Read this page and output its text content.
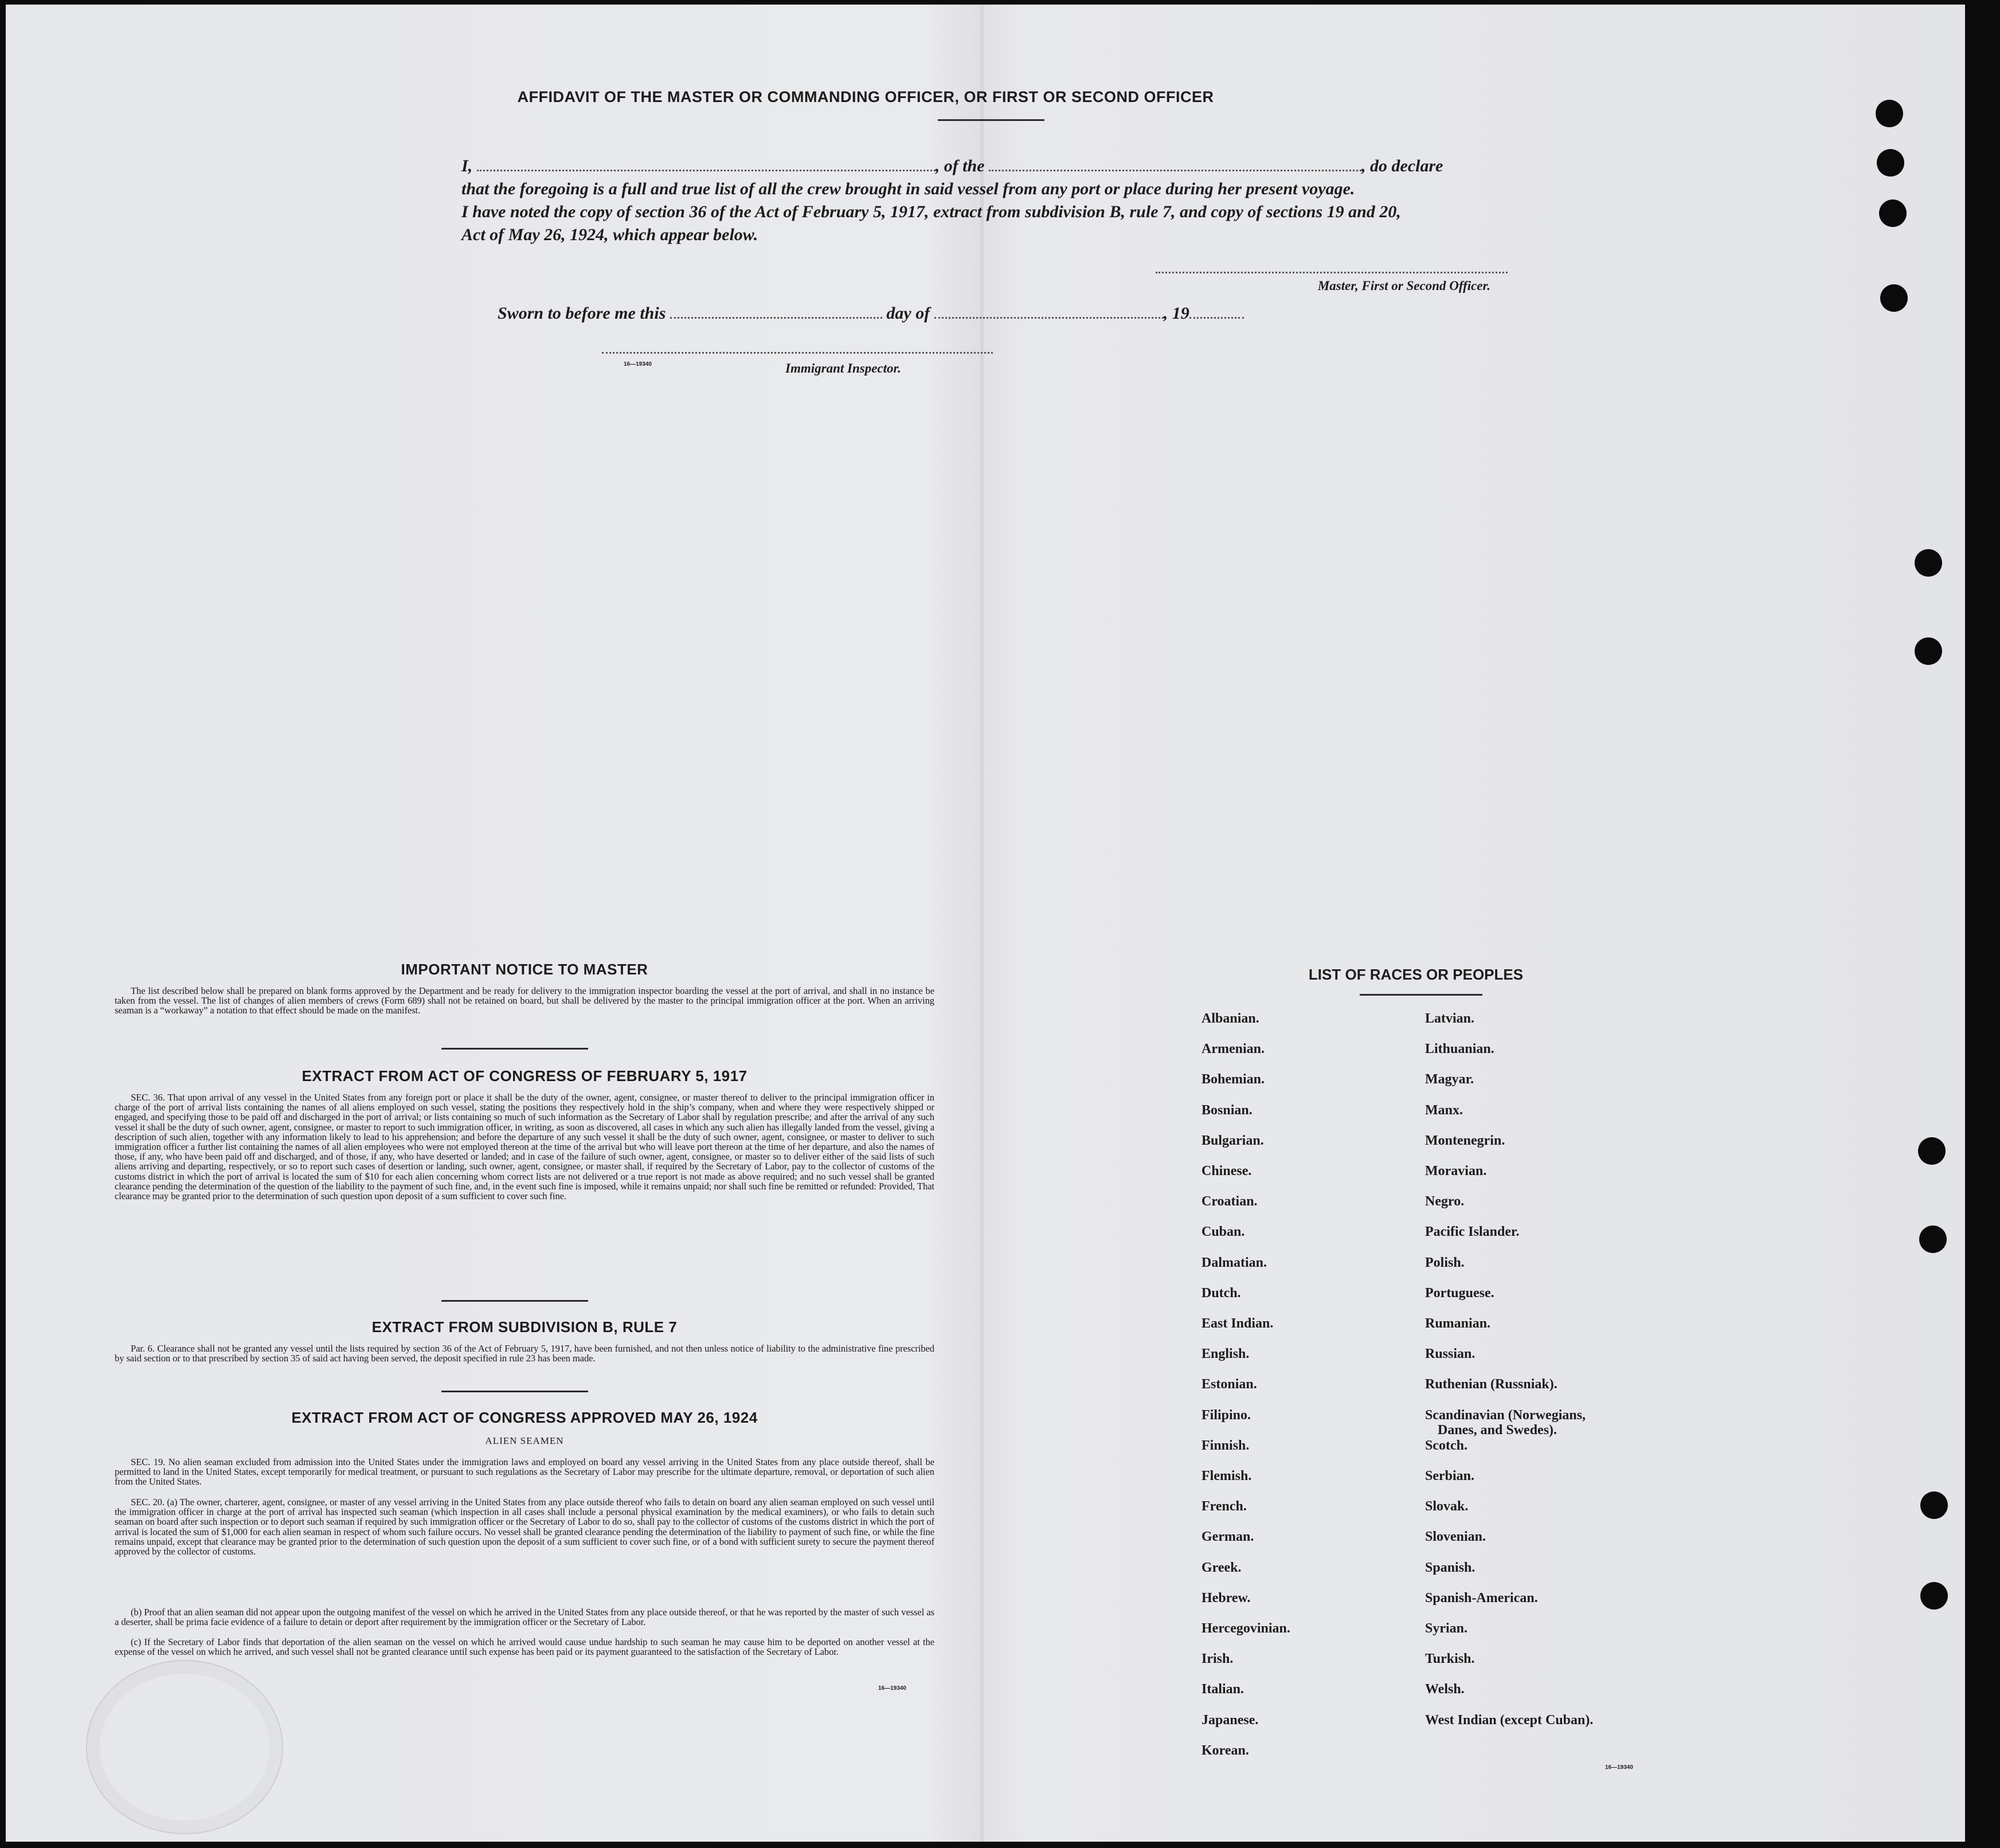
AFFIDAVIT OF THE MASTER OR COMMANDING OFFICER, OR FIRST OR SECOND OFFICER
I,	, of the	, do declare
that the foregoing is a full and true list of all the crew brought in said vessel from any port or place during her present voyage.
I have noted the copy of section 36 of the Act of February 5, 1917, extract from subdivision B, rule 7, and copy of sections 19 and 20,
Act of May 26, 1924, which appear below.
Master, First or Second Officer.
Sworn to before me this	day of	, 19
16—19340	Immigrant Inspector.
IMPORTANT NOTICE TO MASTER

The list described below shall be prepared on blank forms approved by the Department and be ready for delivery to the immigration inspector boarding the vessel at the port of arrival, and shall in no instance be taken from the vessel. The list of changes of alien members of crews (Form 689) shall not be retained on board, but shall be delivered by the master to the principal immigration officer at the port. When an arriving seaman is a “workaway” a notation to that effect should be made on the manifest.

EXTRACT FROM ACT OF CONGRESS OF FEBRUARY 5, 1917

SEC. 36. That upon arrival of any vessel in the United States from any foreign port or place it shall be the duty of the owner, agent, consignee, or master thereof to deliver to the principal immigration officer in charge of the port of arrival lists containing the names of all aliens employed on such vessel, stating the positions they respectively hold in the ship’s company, when and where they were respectively shipped or engaged, and specifying those to be paid off and discharged in the port of arrival; or lists containing so much of such information as the Secretary of Labor shall by regulation prescribe; and after the arrival of any such vessel it shall be the duty of such owner, agent, consignee, or master to report to such immigration officer, in writing, as soon as discovered, all cases in which any such alien has illegally landed from the vessel, giving a description of such alien, together with any information likely to lead to his apprehension; and before the departure of any such vessel it shall be the duty of such owner, agent, consignee, or master to deliver to such immigration officer a further list containing the names of all alien employees who were not employed thereon at the time of the arrival but who will leave port thereon at the time of her departure, and also the names of those, if any, who have been paid off and discharged, and of those, if any, who have deserted or landed; and in case of the failure of such owner, agent, consignee, or master so to deliver either of the said lists of such aliens arriving and departing, respectively, or so to report such cases of desertion or landing, such owner, agent, consignee, or master shall, if required by the Secretary of Labor, pay to the collector of customs of the customs district in which the port of arrival is located the sum of $10 for each alien concerning whom correct lists are not delivered or a true report is not made as above required; and no such vessel shall be granted clearance pending the determination of the question of the liability to the payment of such fine, and, in the event such fine is imposed, while it remains unpaid; nor shall such fine be remitted or refunded: Provided, That clearance may be granted prior to the determination of such question upon deposit of a sum sufficient to cover such fine.

EXTRACT FROM SUBDIVISION B, RULE 7

Par. 6. Clearance shall not be granted any vessel until the lists required by section 36 of the Act of February 5, 1917, have been furnished, and not then unless notice of liability to the administrative fine prescribed by said section or to that prescribed by section 35 of said act having been served, the deposit specified in rule 23 has been made.

EXTRACT FROM ACT OF CONGRESS APPROVED MAY 26, 1924
ALIEN SEAMEN

SEC. 19. No alien seaman excluded from admission into the United States under the immigration laws and employed on board any vessel arriving in the United States from any place outside thereof, shall be permitted to land in the United States, except temporarily for medical treatment, or pursuant to such regulations as the Secretary of Labor may prescribe for the ultimate departure, removal, or deportation of such alien from the United States.

SEC. 20. (a) The owner, charterer, agent, consignee, or master of any vessel arriving in the United States from any place outside thereof who fails to detain on board any alien seaman employed on such vessel until the immigration officer in charge at the port of arrival has inspected such seaman (which inspection in all cases shall include a personal physical examination by the medical examiners), or who fails to detain such seaman on board after such inspection or to deport such seaman if required by such immigration officer or the Secretary of Labor to do so, shall pay to the collector of customs of the customs district in which the port of arrival is located the sum of $1,000 for each alien seaman in respect of whom such failure occurs. No vessel shall be granted clearance pending the determination of the liability to payment of such fine, or while the fine remains unpaid, except that clearance may be granted prior to the determination of such question upon the deposit of a sum sufficient to cover such fine, or of a bond with sufficient surety to secure the payment thereof approved by the collector of customs.

(b) Proof that an alien seaman did not appear upon the outgoing manifest of the vessel on which he arrived in the United States from any place outside thereof, or that he was reported by the master of such vessel as a deserter, shall be prima facie evidence of a failure to detain or deport after requirement by the immigration officer or the Secretary of Labor.

(c) If the Secretary of Labor finds that deportation of the alien seaman on the vessel on which he arrived would cause undue hardship to such seaman he may cause him to be deported on another vessel at the expense of the vessel on which he arrived, and such vessel shall not be granted clearance until such expense has been paid or its payment guaranteed to the satisfaction of the Secretary of Labor.

16—19340
LIST OF RACES OR PEOPLES
Albanian.
Armenian.
Bohemian.
Bosnian.
Bulgarian.
Chinese.
Croatian.
Cuban.
Dalmatian.
Dutch.
East Indian.
English.
Estonian.
Filipino.
Finnish.
Flemish.
French.
German.
Greek.
Hebrew.
Hercegovinian.
Irish.
Italian.
Japanese.
Korean.
Latvian.
Lithuanian.
Magyar.
Manx.
Montenegrin.
Moravian.
Negro.
Pacific Islander.
Polish.
Portuguese.
Rumanian.
Russian.
Ruthenian (Russniak).
Scandinavian (Norwegians,
Danes, and Swedes).
Scotch.
Serbian.
Slovak.
Slovenian.
Spanish.
Spanish-American.
Syrian.
Turkish.
Welsh.
West Indian (except Cuban).
16—19340
